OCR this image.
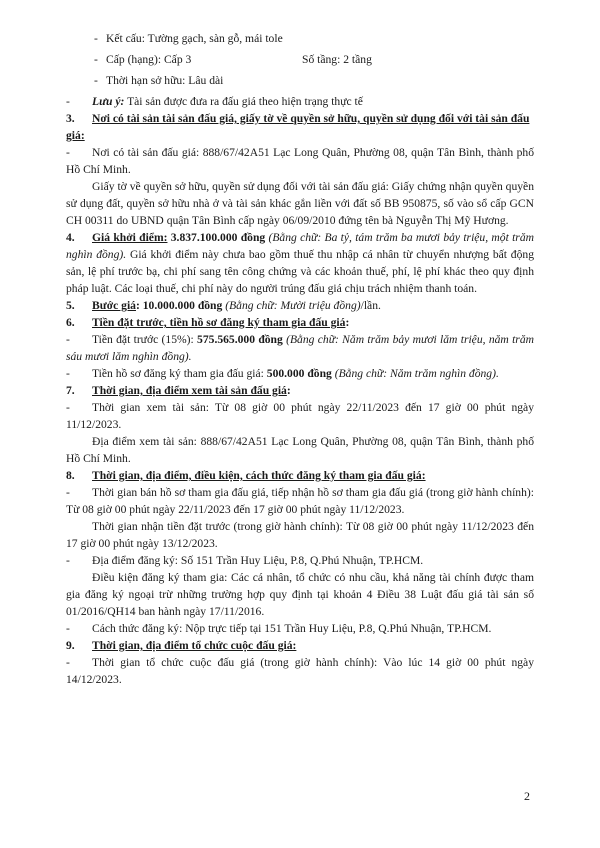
- Kết cấu: Tường gạch, sàn gỗ, mái tole

- Cấp (hạng): Cấp 3	Số tầng: 2 tầng

- Thời hạn sở hữu: Lâu dài

- Lưu ý: Tài sản được đưa ra đấu giá theo hiện trạng thực tế

3. Nơi có tài sản tài sản đấu giá, giấy tờ về quyền sở hữu, quyền sử dụng đối với tài sản đấu giá:

- Nơi có tài sản đấu giá: 888/67/42A51 Lạc Long Quân, Phường 08, quận Tân Bình, thành phố Hồ Chí Minh.

Giấy tờ về quyền sở hữu, quyền sử dụng đối với tài sản đấu giá: Giấy chứng nhận quyền quyền sử dụng đất, quyền sở hữu nhà ở và tài sản khác gắn liền với đất số BB 950875, số vào sổ cấp GCN CH 00311 do UBND quận Tân Bình cấp ngày 06/09/2010 đứng tên bà Nguyễn Thị Mỹ Hương.

4. Giá khởi điểm: 3.837.100.000 đồng (Bằng chữ: Ba tỷ, tám trăm ba mươi bảy triệu, một trăm nghìn đồng). Giá khởi điểm này chưa bao gồm thuế thu nhập cá nhân từ chuyển nhượng bất động sản, lệ phí trước bạ, chi phí sang tên công chứng và các khoản thuế, phí, lệ phí khác theo quy định pháp luật. Các loại thuế, chi phí này do người trúng đấu giá chịu trách nhiệm thanh toán.

5. Bước giá: 10.000.000 đồng (Bằng chữ: Mười triệu đồng)/lần.

6. Tiền đặt trước, tiền hồ sơ đăng ký tham gia đấu giá:

- Tiền đặt trước (15%): 575.565.000 đồng (Bằng chữ: Năm trăm bảy mươi lăm triệu, năm trăm sáu mươi lăm nghìn đồng).

- Tiền hồ sơ đăng ký tham gia đấu giá: 500.000 đồng (Bằng chữ: Năm trăm nghìn đồng).

7. Thời gian, địa điểm xem tài sản đấu giá:

- Thời gian xem tài sản: Từ 08 giờ 00 phút ngày 22/11/2023 đến 17 giờ 00 phút ngày 11/12/2023.

Địa điểm xem tài sản: 888/67/42A51 Lạc Long Quân, Phường 08, quận Tân Bình, thành phố Hồ Chí Minh.

8. Thời gian, địa điểm, điều kiện, cách thức đăng ký tham gia đấu giá:

- Thời gian bán hồ sơ tham gia đấu giá, tiếp nhận hồ sơ tham gia đấu giá (trong giờ hành chính): Từ 08 giờ 00 phút ngày 22/11/2023 đến 17 giờ 00 phút ngày 11/12/2023.

Thời gian nhận tiền đặt trước (trong giờ hành chính): Từ 08 giờ 00 phút ngày 11/12/2023 đến 17 giờ 00 phút ngày 13/12/2023.

- Địa điểm đăng ký: Số 151 Trần Huy Liệu, P.8, Q.Phú Nhuận, TP.HCM.

Điều kiện đăng ký tham gia: Các cá nhân, tổ chức có nhu cầu, khả năng tài chính được tham gia đăng ký ngoại trừ những trường hợp quy định tại khoản 4 Điều 38 Luật đấu giá tài sản số 01/2016/QH14 ban hành ngày 17/11/2016.

- Cách thức đăng ký: Nộp trực tiếp tại 151 Trần Huy Liệu, P.8, Q.Phú Nhuận, TP.HCM.

9. Thời gian, địa điểm tổ chức cuộc đấu giá:

- Thời gian tổ chức cuộc đấu giá (trong giờ hành chính): Vào lúc 14 giờ 00 phút ngày 14/12/2023.

2
